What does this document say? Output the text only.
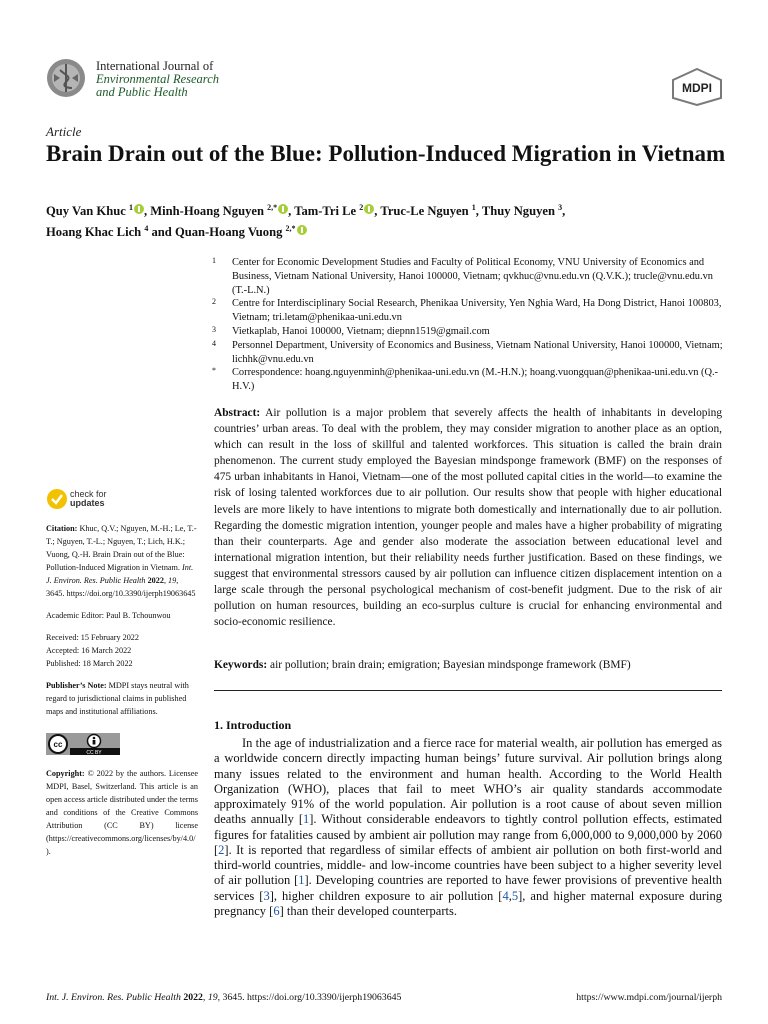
International Journal of
Environmental Research
and Public Health	MDPI
Article
Brain Drain out of the Blue: Pollution-Induced Migration in Vietnam
Quy Van Khuc $^1$ , Minh-Hoang Nguyen $^{2,*}$ , Tam-Tri Le $^2$ , Truc-Le Nguyen $^1$, Thuy Nguyen $^3$,
Hoang Khac Lich $^4$ and Quan-Hoang Vuong $^{2,*}$
1 Center for Economic Development Studies and Faculty of Political Economy, VNU University of Economics and Business, Vietnam National University, Hanoi 100000, Vietnam; qvkhuc@vnu.edu.vn (Q.V.K.); trucle@vnu.edu.vn (T.-L.N.)
2 Centre for Interdisciplinary Social Research, Phenikaa University, Yen Nghia Ward, Ha Dong District, Hanoi 100803, Vietnam; tri.letam@phenikaa-uni.edu.vn
3 Vietkaplab, Hanoi 100000, Vietnam; diepnn1519@gmail.com
4 Personnel Department, University of Economics and Business, Vietnam National University, Hanoi 100000, Vietnam; lichhk@vnu.edu.vn
* Correspondence: hoang.nguyenminh@phenikaa-uni.edu.vn (M.-H.N.); hoang.vuongquan@phenikaa-uni.edu.vn (Q.-H.V.)
Abstract: Air pollution is a major problem that severely affects the health of inhabitants in developing countries’ urban areas. To deal with the problem, they may consider migration to another place as an option, which can result in the loss of skillful and talented workforces. This situation is called the brain drain phenomenon. The current study employed the Bayesian mindsponge framework (BMF) on the responses of 475 urban inhabitants in Hanoi, Vietnam—one of the most polluted capital cities in the world—to examine the risk of losing talented workforces due to air pollution. Our results show that people with higher educational levels are more likely to have intentions to migrate both domestically and internationally due to air pollution. Regarding the domestic migration intention, younger people and males have a higher probability of migrating than their counterparts. Age and gender also moderate the association between educational level and international migration intention, but their reliability needs further justification. Based on these findings, we suggest that environmental stressors caused by air pollution can influence citizen displacement intention on a large scale through the personal psychological mechanism of cost-benefit judgment. Due to the risk of air pollution on human resources, building an eco-surplus culture is crucial for enhancing environmental and socio-economic resilience.
Keywords: air pollution; brain drain; emigration; Bayesian mindsponge framework (BMF)
1. Introduction
In the age of industrialization and a fierce race for material wealth, air pollution has emerged as a worldwide concern directly impacting human beings’ future survival. Air pollution brings along many issues related to the environment and human health. According to the World Health Organization (WHO), places that fail to meet WHO’s air quality standards accommodate approximately 91% of the world population. Air pollution is a root cause of about seven million deaths annually [1]. Without considerable endeavors to tightly control pollution effects, estimated figures for fatalities caused by ambient air pollution may range from 6,000,000 to 9,000,000 by 2060 [2]. It is reported that regardless of similar effects of ambient air pollution on both first-world and third-world countries, middle- and low-income countries have been subject to a higher severity level of air pollution [1]. Developing countries are reported to have fewer provisions of preventive health services [3], higher children exposure to air pollution [4,5], and higher maternal exposure during pregnancy [6] than their developed counterparts.
check for
updates

Citation: Khuc, Q.V.; Nguyen, M.-H.; Le, T.-T.; Nguyen, T.-L.; Nguyen, T.; Lich, H.K.; Vuong, Q.-H. Brain Drain out of the Blue: Pollution-Induced Migration in Vietnam. Int. J. Environ. Res. Public Health 2022, 19, 3645. https://doi.org/10.3390/ijerph19063645

Academic Editor: Paul B. Tchounwou

Received: 15 February 2022
Accepted: 16 March 2022
Published: 18 March 2022

Publisher’s Note: MDPI stays neutral with regard to jurisdictional claims in published maps and institutional affiliations.

cc
CC BY

Copyright: © 2022 by the authors. Licensee MDPI, Basel, Switzerland. This article is an open access article distributed under the terms and conditions of the Creative Commons Attribution (CC BY) license (https://creativecommons.org/licenses/by/4.0/).

Int. J. Environ. Res. Public Health 2022, 19, 3645. https://doi.org/10.3390/ijerph19063645	https://www.mdpi.com/journal/ijerph
